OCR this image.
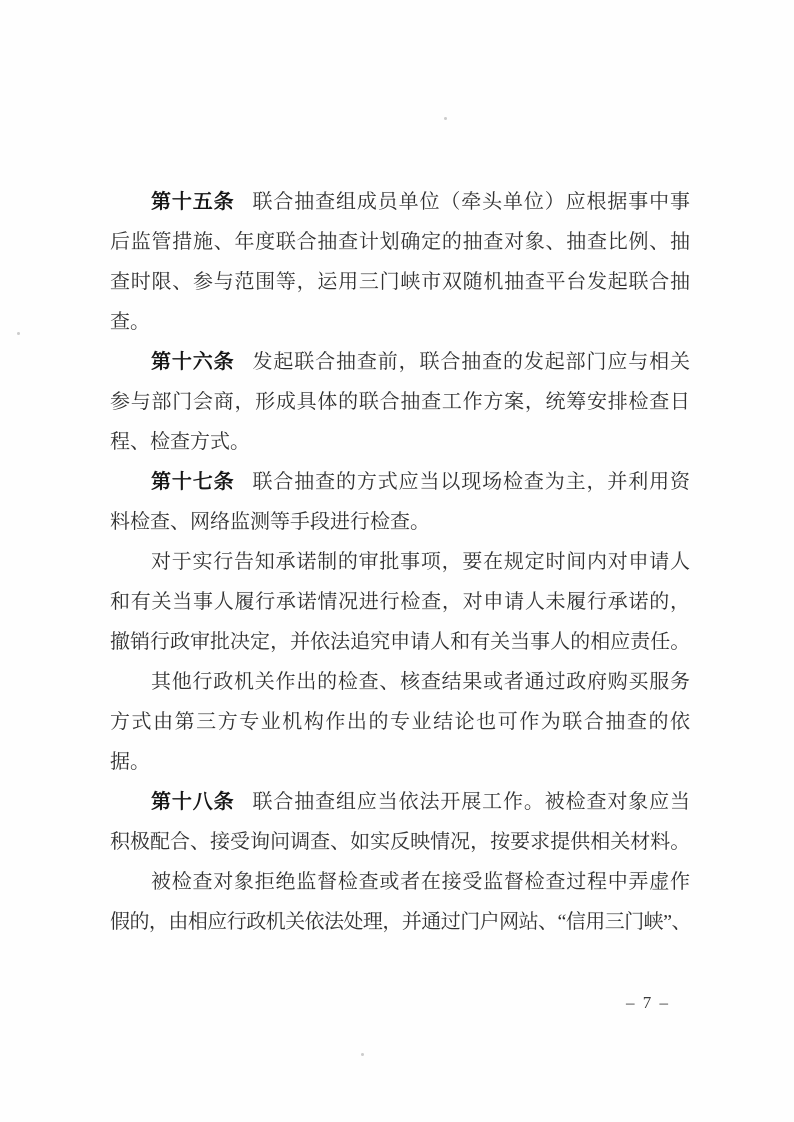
第十五条 联合抽查组成员单位（牵头单位）应根据事中事
后监管措施、年度联合抽查计划确定的抽查对象、抽查比例、抽
查时限、参与范围等，运用三门峡市双随机抽查平台发起联合抽
查。
第十六条 发起联合抽查前，联合抽查的发起部门应与相关
参与部门会商，形成具体的联合抽查工作方案，统筹安排检查日
程、检查方式。
第十七条 联合抽查的方式应当以现场检查为主，并利用资
料检查、网络监测等手段进行检查。
对于实行告知承诺制的审批事项，要在规定时间内对申请人
和有关当事人履行承诺情况进行检查，对申请人未履行承诺的，
撤销行政审批决定，并依法追究申请人和有关当事人的相应责任。
其他行政机关作出的检查、核查结果或者通过政府购买服务
方式由第三方专业机构作出的专业结论也可作为联合抽查的依
据。
第十八条 联合抽查组应当依法开展工作。被检查对象应当
积极配合、接受询问调查、如实反映情况，按要求提供相关材料。
被检查对象拒绝监督检查或者在接受监督检查过程中弄虚作
假的，由相应行政机关依法处理，并通过门户网站、“信用三门峡”、
– 7 –
